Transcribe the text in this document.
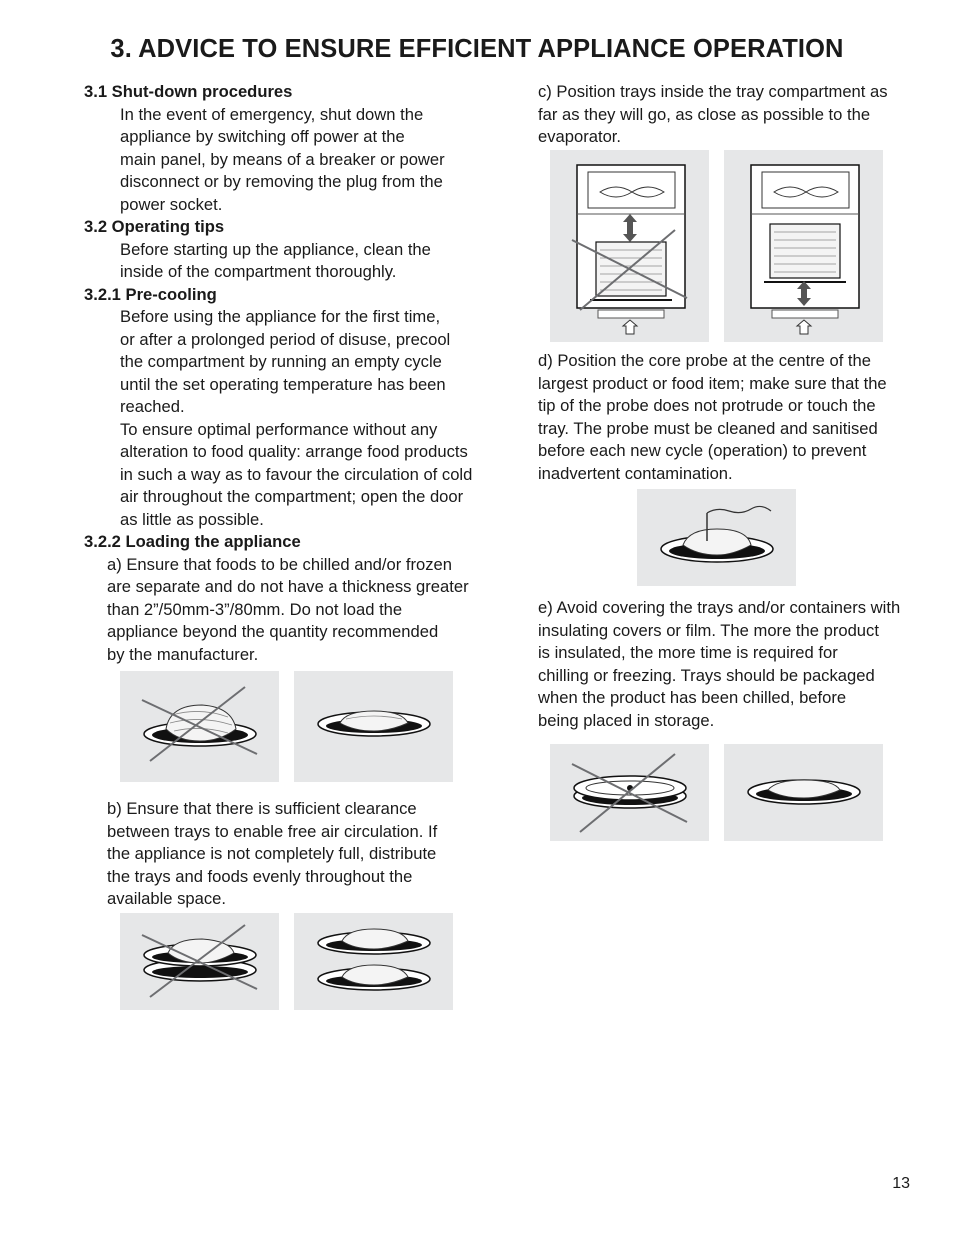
3. ADVICE TO ENSURE EFFICIENT APPLIANCE OPERATION
3.1 Shut-down procedures
In the event of emergency, shut down the
appliance by switching off power at the
main panel, by means of a breaker or power
disconnect or by removing the plug from the
power socket.
3.2 Operating tips
Before starting up the appliance, clean the
inside of the compartment thoroughly.
3.2.1 Pre-cooling
Before using the appliance for the first time,
or after a prolonged period of disuse, precool
the compartment by running an empty cycle
until the set operating temperature has been
reached.
To ensure optimal performance without any
alteration to food quality: arrange food products
in such a way as to favour the circulation of cold
air throughout the compartment; open the door
as little as possible.
3.2.2 Loading the appliance
a) Ensure that foods to be chilled and/or frozen
are separate and do not have a thickness greater
than 2”/50mm-3”/80mm. Do not load the
appliance beyond the quantity recommended
by the manufacturer.
b) Ensure that there is sufficient clearance
between trays to enable free air circulation. If
the appliance is not completely full, distribute
the trays and foods evenly throughout the
available space.
c) Position trays inside the tray compartment as
far as they will go, as close as possible to the
evaporator.
d) Position the core probe at the centre of the
largest product or food item; make sure that the
tip of the probe does not protrude or touch the
tray. The probe must be cleaned and sanitised
before each new cycle (operation) to prevent
inadvertent contamination.
e) Avoid covering the trays and/or containers with
insulating covers or film. The more the product
is insulated, the more time is required for
chilling or freezing. Trays should be packaged
when the product has been chilled, before
being placed in storage.
13
